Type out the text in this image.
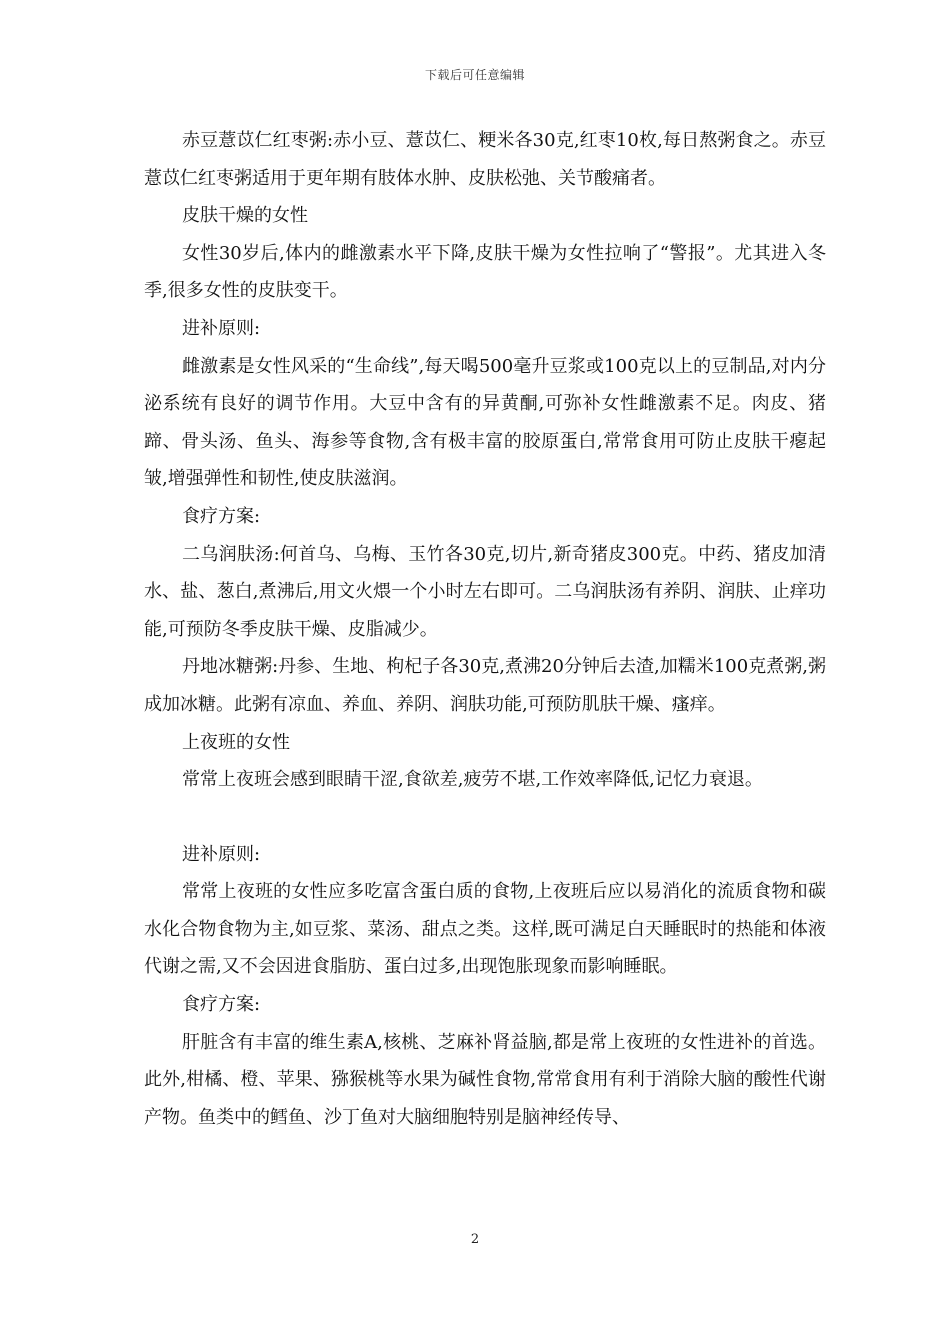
下载后可任意编辑

赤豆薏苡仁红枣粥:赤小豆、薏苡仁、粳米各30克,红枣10枚,每日熬粥食之。赤豆薏苡仁红枣粥适用于更年期有肢体水肿、皮肤松弛、关节酸痛者。

皮肤干燥的女性

女性30岁后,体内的雌激素水平下降,皮肤干燥为女性拉响了“警报”。尤其进入冬季,很多女性的皮肤变干。

进补原则:

雌激素是女性风采的“生命线”,每天喝500毫升豆浆或100克以上的豆制品,对内分泌系统有良好的调节作用。大豆中含有的异黄酮,可弥补女性雌激素不足。肉皮、猪蹄、骨头汤、鱼头、海参等食物,含有极丰富的胶原蛋白,常常食用可防止皮肤干瘪起皱,增强弹性和韧性,使皮肤滋润。

食疗方案:

二乌润肤汤:何首乌、乌梅、玉竹各30克,切片,新奇猪皮300克。中药、猪皮加清水、盐、葱白,煮沸后,用文火煨一个小时左右即可。二乌润肤汤有养阴、润肤、止痒功能,可预防冬季皮肤干燥、皮脂减少。

丹地冰糖粥:丹参、生地、枸杞子各30克,煮沸20分钟后去渣,加糯米100克煮粥,粥成加冰糖。此粥有凉血、养血、养阴、润肤功能,可预防肌肤干燥、瘙痒。

上夜班的女性

常常上夜班会感到眼睛干涩,食欲差,疲劳不堪,工作效率降低,记忆力衰退。

进补原则:

常常上夜班的女性应多吃富含蛋白质的食物,上夜班后应以易消化的流质食物和碳水化合物食物为主,如豆浆、菜汤、甜点之类。这样,既可满足白天睡眠时的热能和体液代谢之需,又不会因进食脂肪、蛋白过多,出现饱胀现象而影响睡眠。

食疗方案:

肝脏含有丰富的维生素A,核桃、芝麻补肾益脑,都是常上夜班的女性进补的首选。此外,柑橘、橙、苹果、猕猴桃等水果为碱性食物,常常食用有利于消除大脑的酸性代谢产物。鱼类中的鳕鱼、沙丁鱼对大脑细胞特别是脑神经传导、

2
